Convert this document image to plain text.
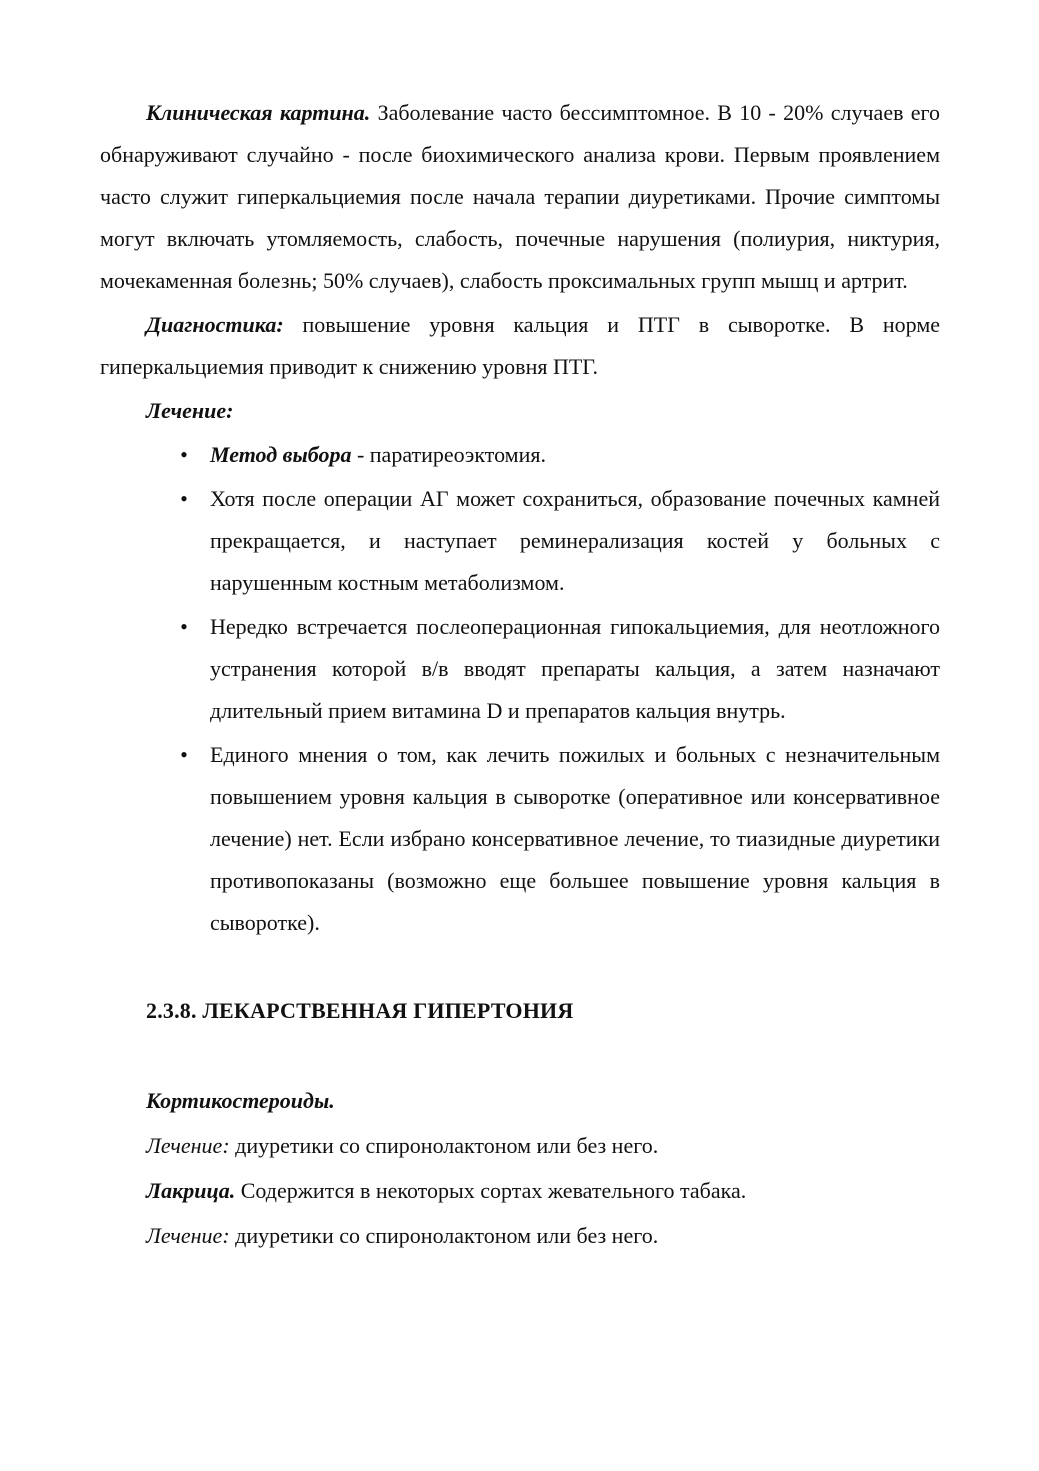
Клиническая картина. Заболевание часто бессимптомное. В 10 - 20% случаев его обнаруживают случайно - после биохимического анализа крови. Первым проявлением часто служит гиперкальциемия после начала терапии диуретиками. Прочие симптомы могут включать утомляемость, слабость, почечные нарушения (полиурия, никтурия, мочекаменная болезнь; 50% случаев), слабость проксимальных групп мышц и артрит.

Диагностика: повышение уровня кальция и ПТГ в сыворотке. В норме гиперкальциемия приводит к снижению уровня ПТГ.

Лечение:
• Метод выбора - паратиреоэктомия.
• Хотя после операции АГ может сохраниться, образование почечных камней прекращается, и наступает реминерализация костей у больных с нарушенным костным метаболизмом.
• Нередко встречается послеоперационная гипокальциемия, для неотложного устранения которой в/в вводят препараты кальция, а затем назначают длительный прием витамина D и препаратов кальция внутрь.
• Единого мнения о том, как лечить пожилых и больных с незначительным повышением уровня кальция в сыворотке (оперативное или консервативное лечение) нет. Если избрано консервативное лечение, то тиазидные диуретики противопоказаны (возможно еще большее повышение уровня кальция в сыворотке).
2.3.8. ЛЕКАРСТВЕННАЯ ГИПЕРТОНИЯ
Кортикостероиды.
Лечение: диуретики со спиронолактоном или без него.
Лакрица. Содержится в некоторых сортах жевательного табака.
Лечение: диуретики со спиронолактоном или без него.
